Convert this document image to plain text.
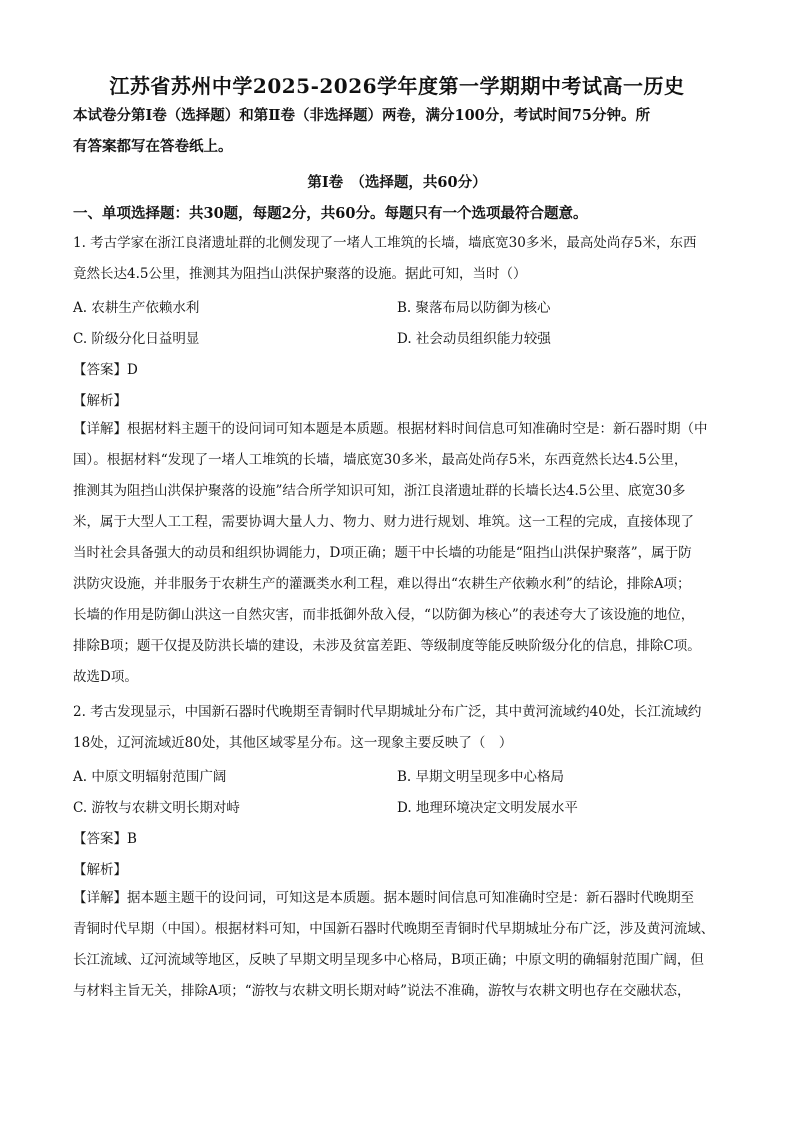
江苏省苏州中学2025-2026学年度第一学期期中考试高一历史
本试卷分第Ⅰ卷（选择题）和第Ⅱ卷（非选择题）两卷，满分100分，考试时间75分钟。所
有答案都写在答卷纸上。
第Ⅰ卷　（选择题，共60分）
一、单项选择题：共30题，每题2分，共60分。每题只有一个选项最符合题意。
1. 考古学家在浙江良渚遗址群的北侧发现了一堵人工堆筑的长墙，墙底宽30多米，最高处尚存5米，东西
竟然长达4.5公里，推测其为阻挡山洪保护聚落的设施。据此可知，当时（）
A. 农耕生产依赖水利	B. 聚落布局以防御为核心
C. 阶级分化日益明显	D. 社会动员组织能力较强
【答案】D
【解析】
【详解】根据材料主题干的设问词可知本题是本质题。根据材料时间信息可知准确时空是：新石器时期（中
国）。根据材料“发现了一堵人工堆筑的长墙，墙底宽30多米，最高处尚存5米，东西竟然长达4.5公里，
推测其为阻挡山洪保护聚落的设施”结合所学知识可知，浙江良渚遗址群的长墙长达4.5公里、底宽30多
米，属于大型人工工程，需要协调大量人力、物力、财力进行规划、堆筑。这一工程的完成，直接体现了
当时社会具备强大的动员和组织协调能力，D项正确；题干中长墙的功能是“阻挡山洪保护聚落”，属于防
洪防灾设施，并非服务于农耕生产的灌溉类水利工程，难以得出“农耕生产依赖水利”的结论，排除A项；
长墙的作用是防御山洪这一自然灾害，而非抵御外敌入侵，“以防御为核心”的表述夸大了该设施的地位，
排除B项；题干仅提及防洪长墙的建设，未涉及贫富差距、等级制度等能反映阶级分化的信息，排除C项。
故选D项。
2. 考古发现显示，中国新石器时代晚期至青铜时代早期城址分布广泛，其中黄河流域约40处，长江流域约
18处，辽河流域近80处，其他区域零星分布。这一现象主要反映了（　）
A. 中原文明辐射范围广阔	B. 早期文明呈现多中心格局
C. 游牧与农耕文明长期对峙	D. 地理环境决定文明发展水平
【答案】B
【解析】
【详解】据本题主题干的设问词，可知这是本质题。据本题时间信息可知准确时空是：新石器时代晚期至
青铜时代早期（中国）。根据材料可知，中国新石器时代晚期至青铜时代早期城址分布广泛，涉及黄河流域、
长江流域、辽河流域等地区，反映了早期文明呈现多中心格局，B项正确；中原文明的确辐射范围广阔，但
与材料主旨无关，排除A项；“游牧与农耕文明长期对峙”说法不准确，游牧与农耕文明也存在交融状态，
